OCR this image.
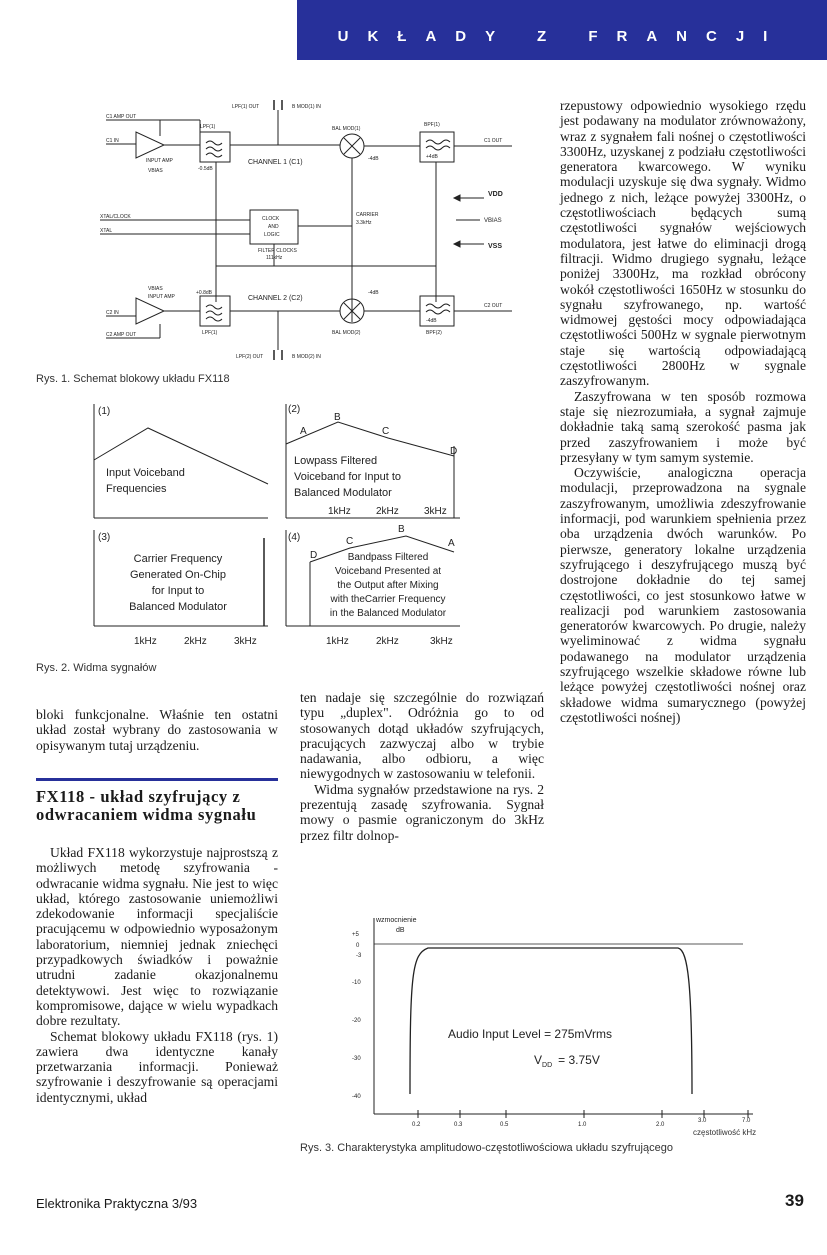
UKŁADY Z FRANCJI
C1 AMP OUT
C1 IN
INPUT AMP
VBIAS
LPF(1)
-0.5dB
LPF(1) OUT	B MOD(1) IN
CHANNEL 1 (C1)
BAL MOD(1)
-4dB
BPF(1)
+4dB
C1 OUT
VDD
VBIAS
VSS
XTAL/CLOCK
XTAL
CLOCK
AND
LOGIC
CARRIER
3.3kHz
FILTER CLOCKS
111kHz
VBIAS
INPUT AMP
C2 IN
C2 AMP OUT
+0.8dB
LPF(1)
CHANNEL 2 (C2)
-4dB
BAL MOD(2)
-4dB
BPF(2)
C2 OUT
LPF(2) OUT	B MOD(2) IN
Rys. 1. Schemat blokowy układu FX118
(1)
Input Voiceband
Frequencies
(2)
A
B
C
D
Lowpass Filtered
Voiceband for Input to
Balanced Modulator
1kHz	2kHz	3kHz
(3)
Carrier Frequency
Generated On-Chip
for Input to
Balanced Modulator
1kHz	2kHz	3kHz
(4)
D
C
B
A
Bandpass Filtered
Voiceband Presented at
the Output after Mixing
with theCarrier Frequency
in the Balanced Modulator
1kHz	2kHz	3kHz
Rys. 2. Widma sygnałów

rzepustowy odpowiednio wysokiego rzędu jest podawany na modulator zrównoważony, wraz z sygnałem fali nośnej o częstotliwości 3300Hz, uzyskanej z podziału częstotliwości generatora kwarcowego. W wyniku modulacji uzyskuje się dwa sygnały. Widmo jednego z nich, leżące powyżej 3300Hz, o częstotliwościach będących sumą częstotliwości sygnałów wejściowych modulatora, jest łatwe do eliminacji drogą filtracji. Widmo drugiego sygnału, leżące poniżej 3300Hz, ma rozkład obrócony wokół częstotliwości 1650Hz w stosunku do sygnału szyfrowanego, np. wartość widmowej gęstości mocy odpowiadająca częstotliwości 500Hz w sygnale pierwotnym staje się wartością odpowiadającą częstotliwości 2800Hz w sygnale zaszyfrowanym.

Zaszyfrowana w ten sposób rozmowa staje się niezrozumiała, a sygnał zajmuje dokładnie taką samą szerokość pasma jak przed zaszyfrowaniem i może być przesyłany w tym samym systemie.

Oczywiście, analogiczna operacja modulacji, przeprowadzona na sygnale zaszyfrowanym, umożliwia zdeszyfrowanie informacji, pod warunkiem spełnienia przez oba urządzenia dwóch warunków. Po pierwsze, generatory lokalne urządzenia szyfrującego i deszyfrującego muszą być dostrojone dokładnie do tej samej częstotliwości, co jest stosunkowo łatwe w realizacji pod warunkiem zastosowania generatorów kwarcowych. Po drugie, należy wyeliminować z widma sygnału podawanego na modulator urządzenia szyfrującego wszelkie składowe równe lub leżące powyżej częstotliwości nośnej oraz składowe widma sumarycznego (powyżej częstotliwości nośnej)

bloki funkcjonalne. Właśnie ten ostatni układ został wybrany do zastosowania w opisywanym tutaj urządzeniu.

FX118 - układ szyfrujący z odwracaniem widma sygnału

Układ FX118 wykorzystuje najprostszą z możliwych metodę szyfrowania - odwracanie widma sygnału. Nie jest to więc układ, którego zastosowanie uniemożliwi zdekodowanie informacji specjaliście pracującemu w odpowiednio wyposażonym laboratorium, niemniej jednak zniechęci przypadkowych świadków i poważnie utrudni zadanie okazjonalnemu detektywowi. Jest więc to rozwiązanie kompromisowe, dające w wielu wypadkach dobre rezultaty.

Schemat blokowy układu FX118 (rys. 1) zawiera dwa identyczne kanały przetwarzania informacji. Ponieważ szyfrowanie i deszyfrowanie są operacjami identycznymi, układ

ten nadaje się szczególnie do rozwiązań typu „duplex". Odróżnia go to od stosowanych dotąd układów szyfrujących, pracujących zazwyczaj albo w trybie nadawania, albo odbioru, a więc niewygodnych w zastosowaniu w telefonii.

Widma sygnałów przedstawione na rys. 2 prezentują zasadę szyfrowania. Sygnał mowy o pasmie ograniczonym do 3kHz przez filtr dolnop-

wzmocnienie
dB
+5
0
-3
-10
-20
-30
-40
Audio Input Level = 275mVrms
$V_{DD} = 3.75V$
0.2	0.3	0.5	1.0	2.0
3.0	7.0
częstotliwość kHz
Rys. 3. Charakterystyka amplitudowo-częstotliwościowa układu szyfrującego
Elektronika Praktyczna 3/93	39
